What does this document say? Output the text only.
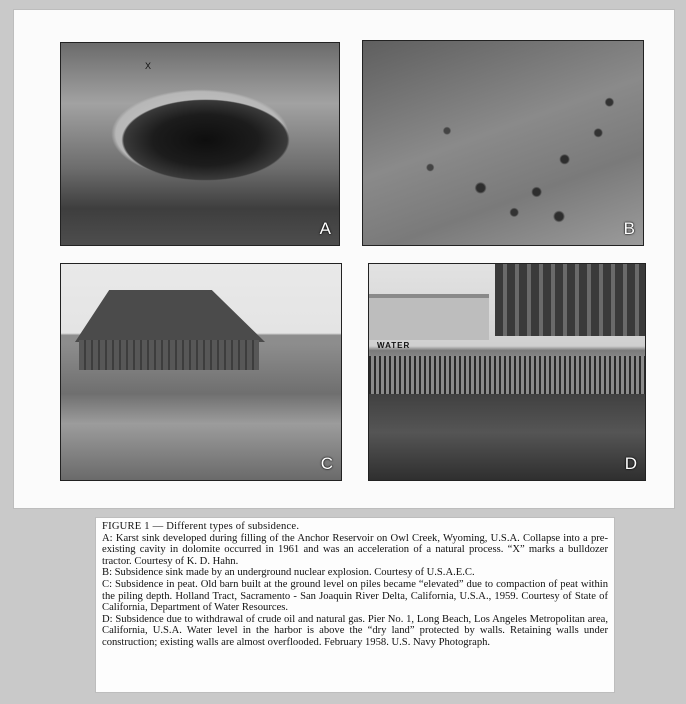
X
A	B
C
WATER
D

FIGURE 1 — Different types of subsidence.

A: Karst sink developed during filling of the Anchor Reservoir on Owl Creek, Wyoming, U.S.A. Collapse into a pre-existing cavity in dolomite occurred in 1961 and was an acceleration of a natural process. “X” marks a bulldozer tractor. Courtesy of K. D. Hahn.

B: Subsidence sink made by an underground nuclear explosion. Courtesy of U.S.A.E.C.

C: Subsidence in peat. Old barn built at the ground level on piles became “elevated” due to compaction of peat within the piling depth. Holland Tract, Sacramento - San Joaquin River Delta, California, U.S.A., 1959. Courtesy of State of California, Department of Water Resources.

D: Subsidence due to withdrawal of crude oil and natural gas. Pier No. 1, Long Beach, Los Angeles Metropolitan area, California, U.S.A. Water level in the harbor is above the “dry land” protected by walls. Retaining walls under construction; existing walls are almost overflooded. February 1958. U.S. Navy Photograph.
